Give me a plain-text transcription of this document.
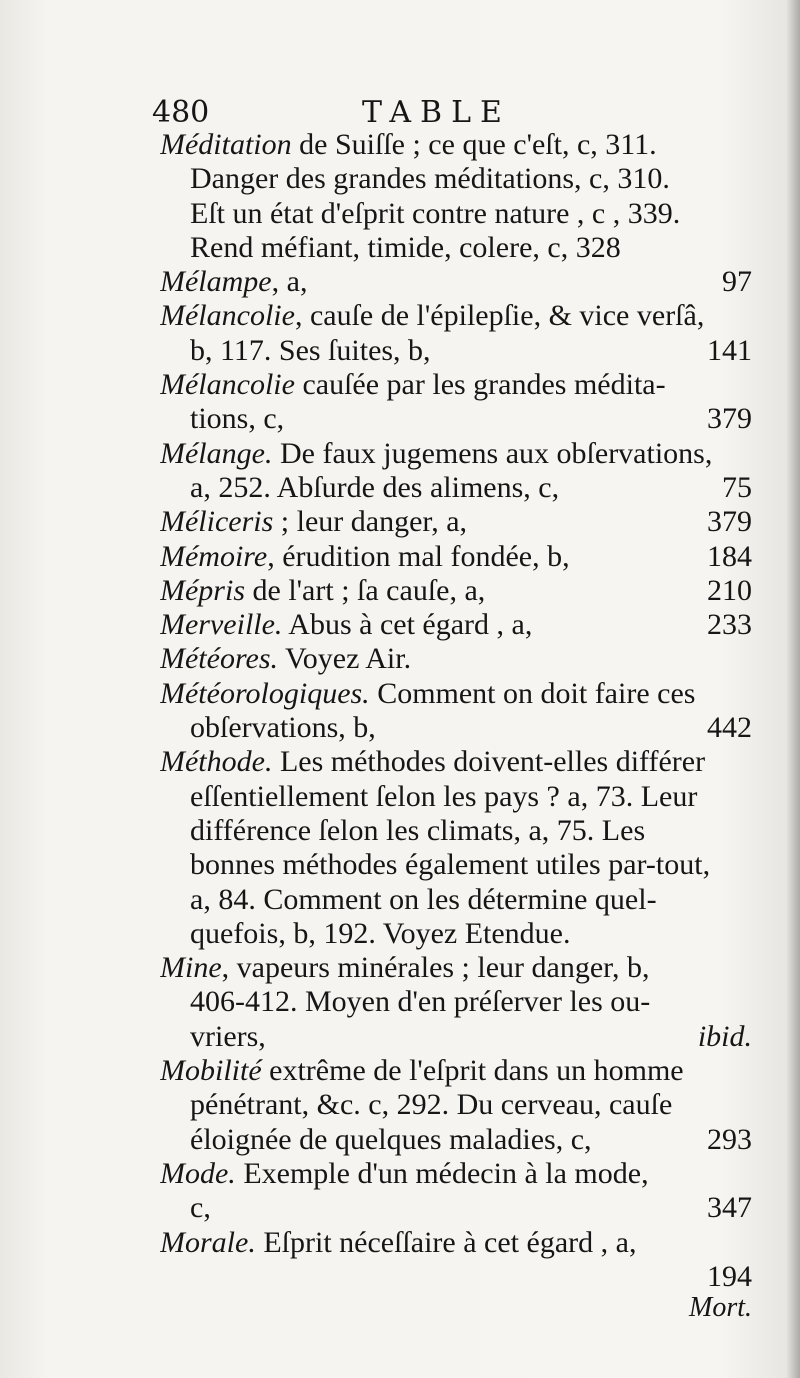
480	TABLE
Méditation de Suiſſe ; ce que c'eſt, c, 311.
Danger des grandes méditations, c, 310.
Eſt un état d'eſprit contre nature , c , 339.
Rend méfiant, timide, colere, c, 328
Mélampe, a,	97
Mélancolie, cauſe de l'épilepſie, & vice verſâ,
b, 117. Ses ſuites, b,	141
Mélancolie cauſée par les grandes médita-
tions, c,	379
Mélange. De faux jugemens aux obſervations,
a, 252. Abſurde des alimens, c,	75
Méliceris ; leur danger, a,	379
Mémoire, érudition mal fondée, b,	184
Mépris de l'art ; ſa cauſe, a,	210
Merveille. Abus à cet égard , a,	233
Météores. Voyez Air.
Météorologiques. Comment on doit faire ces
obſervations, b,	442
Méthode. Les méthodes doivent-elles différer
eſſentiellement ſelon les pays ? a, 73. Leur
différence ſelon les climats, a, 75. Les
bonnes méthodes également utiles par-tout,
a, 84. Comment on les détermine quel-
quefois, b, 192. Voyez Etendue.
Mine, vapeurs minérales ; leur danger, b,
406-412. Moyen d'en préſerver les ou-
vriers,	ibid.
Mobilité extrême de l'eſprit dans un homme
pénétrant, &c. c, 292. Du cerveau, cauſe
éloignée de quelques maladies, c,	293
Mode. Exemple d'un médecin à la mode,
c,	347
Morale. Eſprit néceſſaire à cet égard , a,
194
Mort.
